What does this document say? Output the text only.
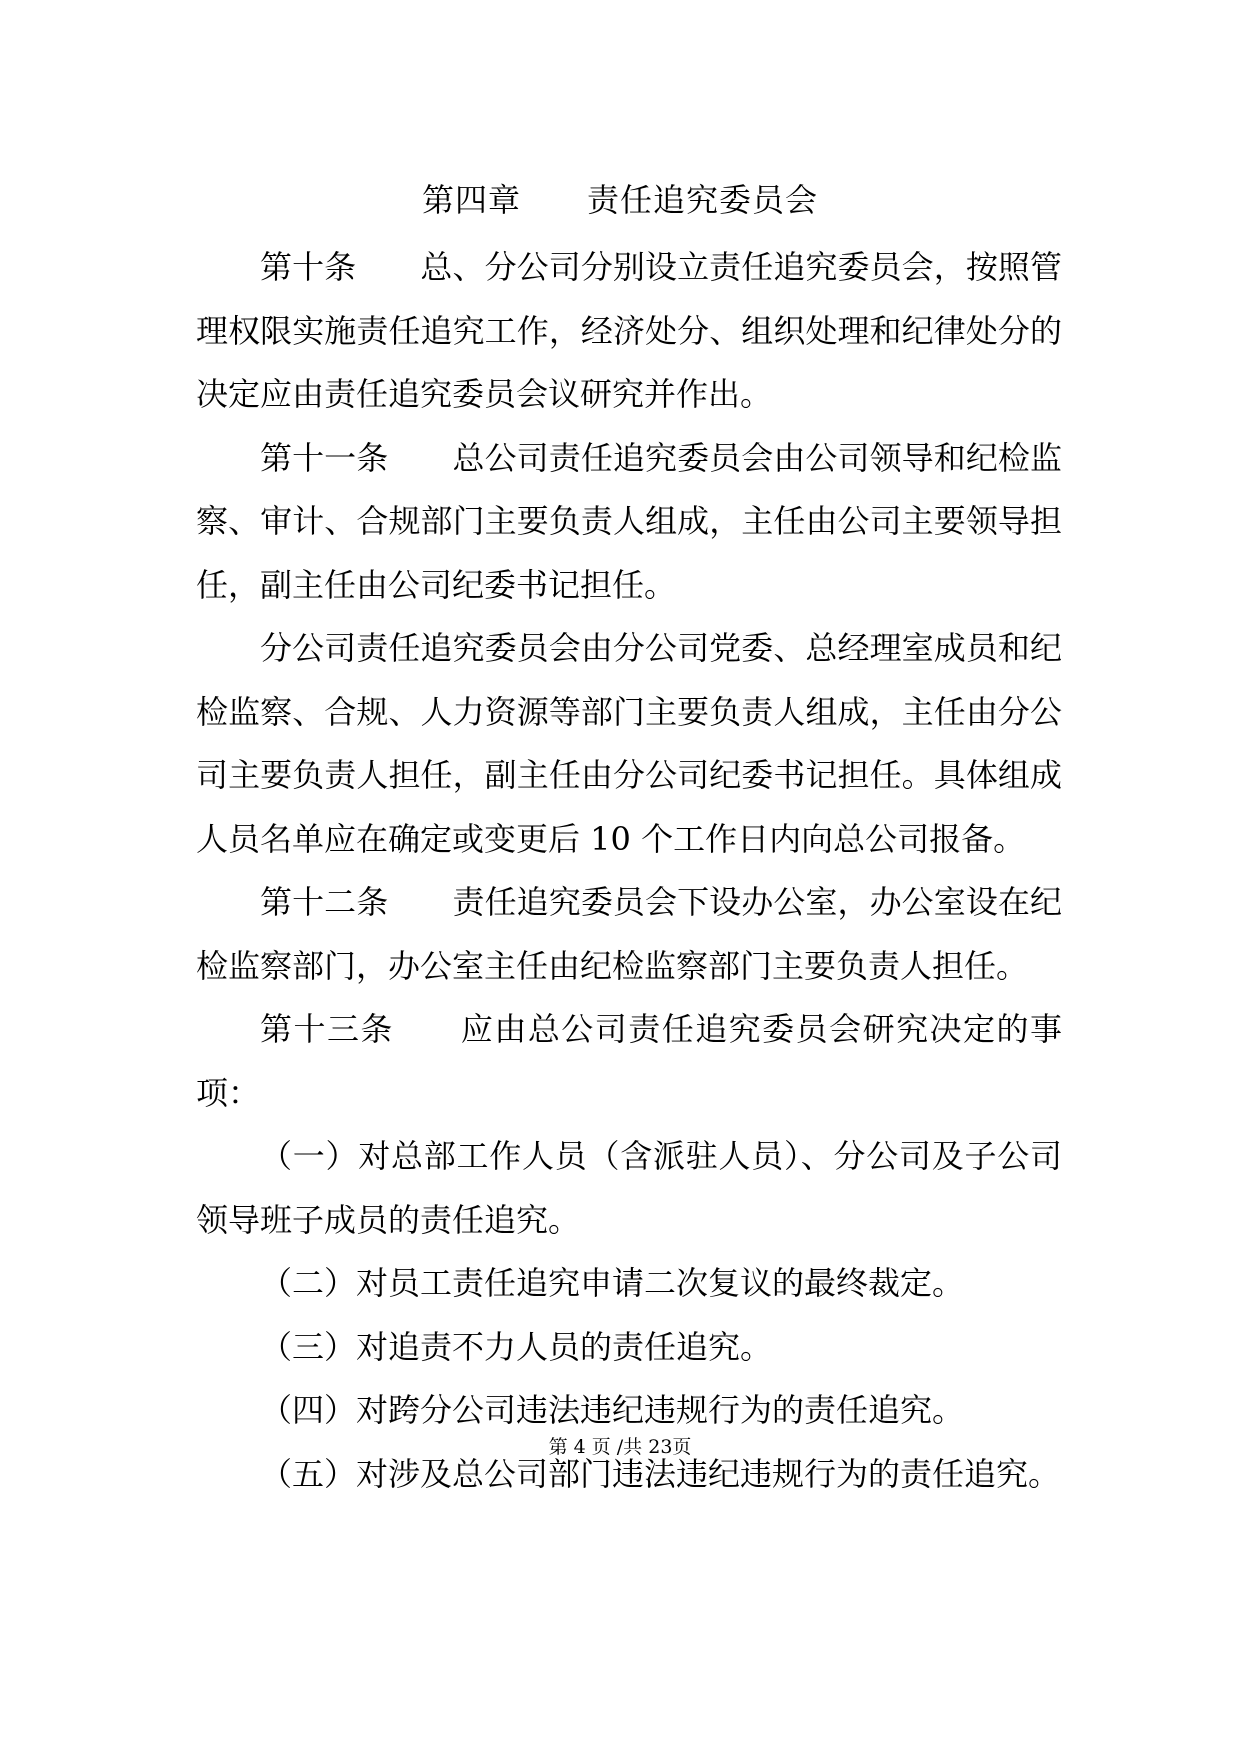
第四章　　责任追究委员会

第十条　　总、分公司分别设立责任追究委员会，按照管理权限实施责任追究工作，经济处分、组织处理和纪律处分的决定应由责任追究委员会议研究并作出。

第十一条　　总公司责任追究委员会由公司领导和纪检监察、审计、合规部门主要负责人组成，主任由公司主要领导担任，副主任由公司纪委书记担任。

分公司责任追究委员会由分公司党委、总经理室成员和纪检监察、合规、人力资源等部门主要负责人组成，主任由分公司主要负责人担任，副主任由分公司纪委书记担任。具体组成人员名单应在确定或变更后 10 个工作日内向总公司报备。

第十二条　　责任追究委员会下设办公室，办公室设在纪检监察部门，办公室主任由纪检监察部门主要负责人担任。

第十三条　　应由总公司责任追究委员会研究决定的事项：

（一）对总部工作人员（含派驻人员）、分公司及子公司领导班子成员的责任追究。

（二）对员工责任追究申请二次复议的最终裁定。

（三）对追责不力人员的责任追究。

（四）对跨分公司违法违纪违规行为的责任追究。

（五）对涉及总公司部门违法违纪违规行为的责任追究。

第 4 页 /共 23页
